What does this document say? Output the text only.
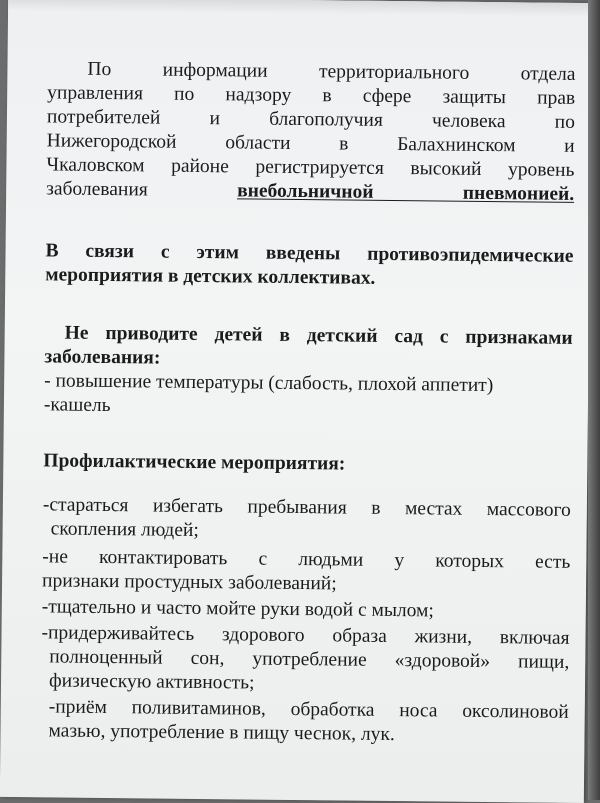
По информации территориального отдела
управления по надзору в сфере защиты прав
потребителей и благополучия человека по
Нижегородской области в Балахнинском и
Чкаловском районе регистрируется высокий уровень
заболевания внебольничной пневмонией.
В связи с этим введены противоэпидемические
мероприятия в детских коллективах.
Не приводите детей в детский сад с признаками
заболевания:
- повышение температуры (слабость, плохой аппетит)
-кашель
Профилактические мероприятия:
-стараться избегать пребывания в местах массового
скопления людей;
-не контактировать с людьми у которых есть
признаки простудных заболеваний;
-тщательно и часто мойте руки водой с мылом;
-придерживайтесь здорового образа жизни, включая
полноценный сон, употребление «здоровой» пищи,
физическую активность;
-приём поливитаминов, обработка носа оксолиновой
мазью, употребление в пищу чеснок, лук.
